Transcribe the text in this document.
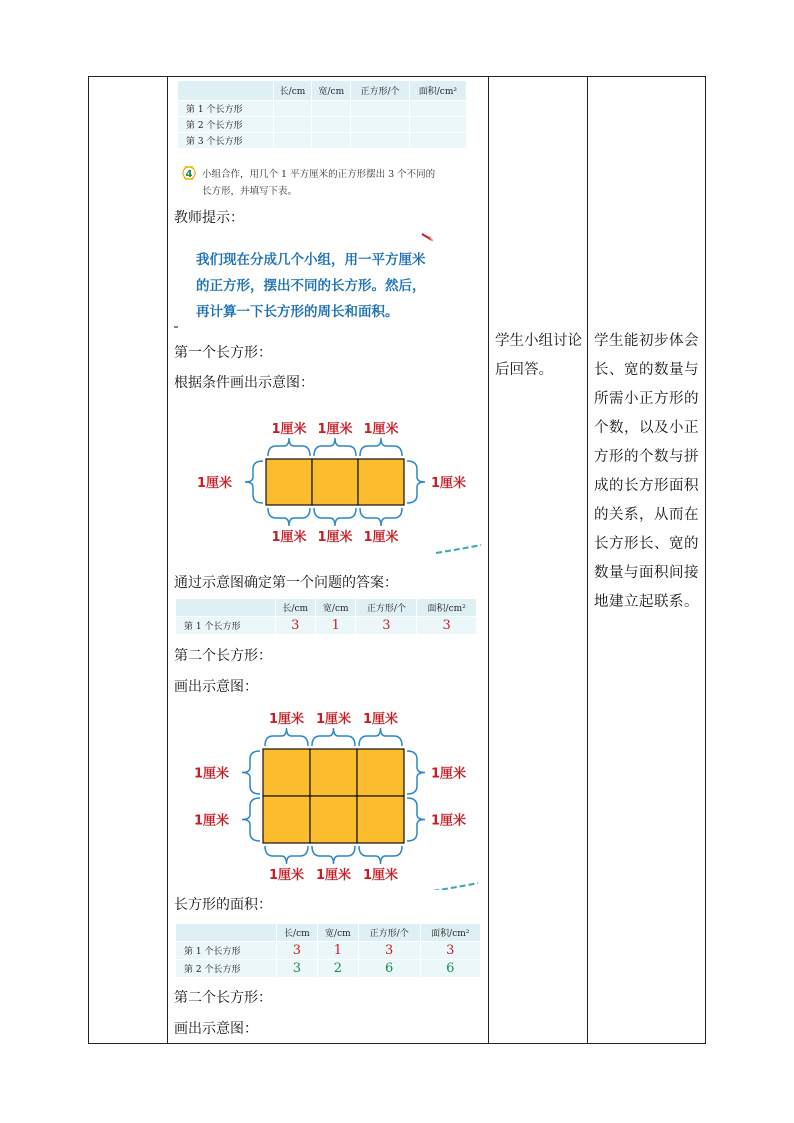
	长/cm	宽/cm	正方形/个	面积/cm²
第 1 个长方形				
第 2 个长方形				
第 3 个长方形				
4 小组合作，用几个 1 平方厘米的正方形摆出 3 个不同的
长方形，并填写下表。
教师提示：
我们现在分成几个小组，用一平方厘米的正方形，摆出不同的长方形。然后，再计算一下长方形的周长和面积。
第一个长方形：
根据条件画出示意图：
1厘米
1厘米
1厘米
1厘米
1厘米
1厘米
1厘米	1厘米
通过示意图确定第一个问题的答案：
	长/cm	宽/cm	正方形/个	面积/cm²
第 1 个长方形	3	1	3	3
第二个长方形：
画出示意图：
1厘米
1厘米
1厘米
1厘米
1厘米
1厘米
1厘米	1厘米
1厘米	1厘米
长方形的面积：
	长/cm	宽/cm	正方形/个	面积/cm²
第 1 个长方形	3	1	3	3
第 2 个长方形	3	2	6	6
第二个长方形：
画出示意图：
学生小组讨论后回答。
学生能初步体会长、宽的数量与所需小正方形的个数，以及小正方形的个数与拼成的长方形面积的关系，从而在长方形长、宽的数量与面积间接地建立起联系。
